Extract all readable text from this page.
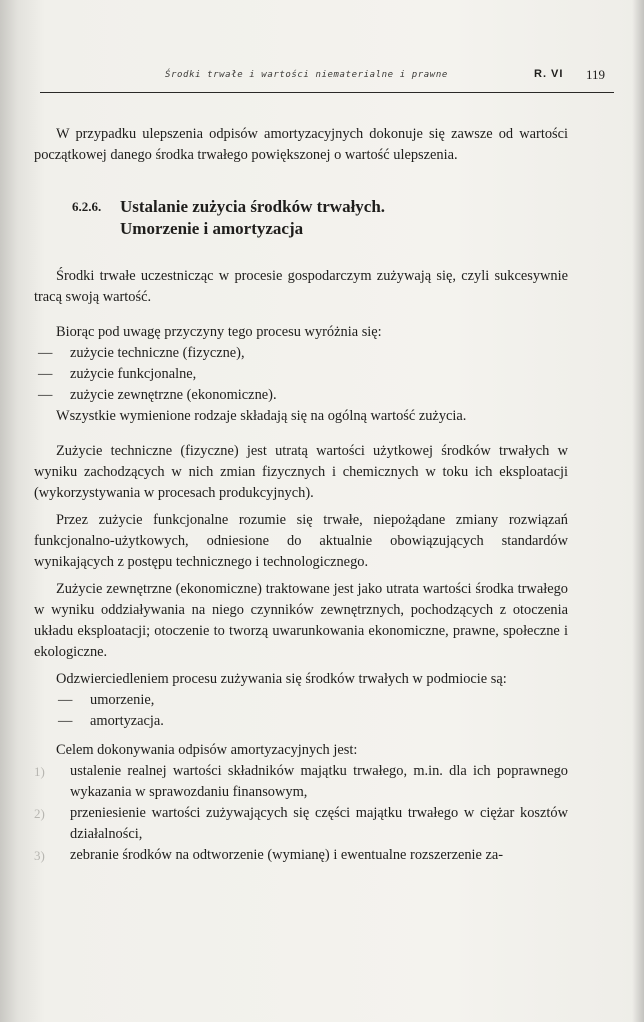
Środki trwałe i wartości niematerialne i prawne	R. VI 119

W przypadku ulepszenia odpisów amortyzacyjnych dokonuje się zawsze od wartości początkowej danego środka trwałego powiększonej o wartość ulepszenia.

6.2.6.	Ustalanie zużycia środków trwałych.
Umorzenie i amortyzacja

Środki trwałe uczestnicząc w procesie gospodarczym zużywają się, czyli sukcesywnie tracą swoją wartość.

Biorąc pod uwagę przyczyny tego procesu wyróżnia się:

— zużycie techniczne (fizyczne),
— zużycie funkcjonalne,
— zużycie zewnętrzne (ekonomiczne).

Wszystkie wymienione rodzaje składają się na ogólną wartość zużycia.

Zużycie techniczne (fizyczne) jest utratą wartości użytkowej środków trwałych w wyniku zachodzących w nich zmian fizycznych i chemicznych w toku ich eksploatacji (wykorzystywania w procesach produkcyjnych).

Przez zużycie funkcjonalne rozumie się trwałe, niepożądane zmiany rozwiązań funkcjonalno-użytkowych, odniesione do aktualnie obowiązujących standardów wynikających z postępu technicznego i technologicznego.

Zużycie zewnętrzne (ekonomiczne) traktowane jest jako utrata wartości środka trwałego w wyniku oddziaływania na niego czynników zewnętrznych, pochodzących z otoczenia układu eksploatacji; otoczenie to tworzą uwarunkowania ekonomiczne, prawne, społeczne i ekologiczne.

Odzwierciedleniem procesu zużywania się środków trwałych w podmiocie są:

— umorzenie,
— amortyzacja.

Celem dokonywania odpisów amortyzacyjnych jest:

1) ustalenie realnej wartości składników majątku trwałego, m.in. dla ich poprawnego wykazania w sprawozdaniu finansowym,
2) przeniesienie wartości zużywających się części majątku trwałego w ciężar kosztów działalności,
3) zebranie środków na odtworzenie (wymianę) i ewentualne rozszerzenie za-
